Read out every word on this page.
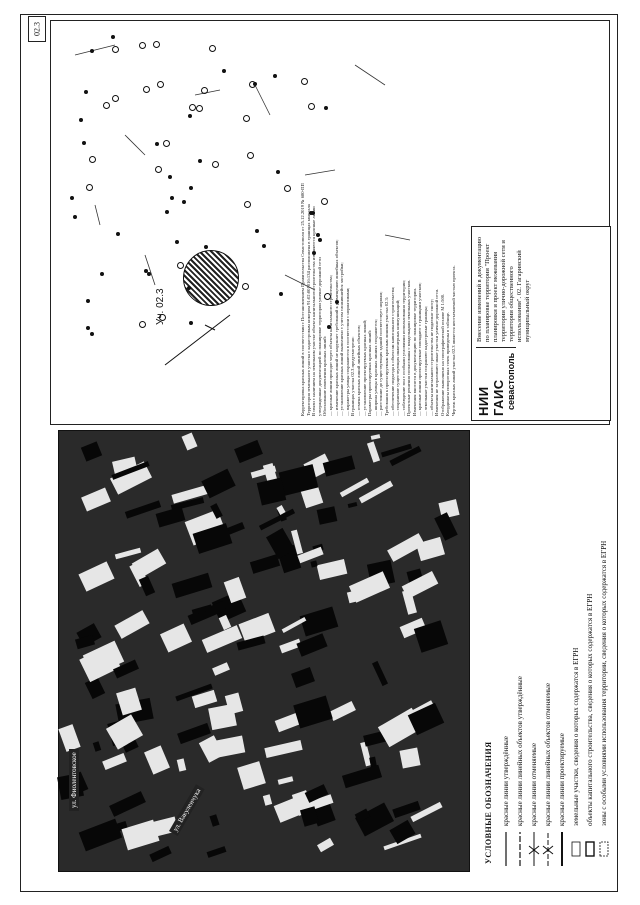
Уч. 02.3
НИИ ГАИС севастополь
Внесение изменений в документацию по планировке территории "Проект планировки и проект межевания территории улично-дорожной сети и территории общественного использования". 02. Гагаринский муниципальный округ
02.3
Корректировка красных линий в соответствии с Постановлением Правительства Севастополя от 25.12.2019 № 680-ПП Территория земельного участка с кадастровым номером 91:02:001016:134 расположена в границах квартала В связи с наличием на земельном участке объекта капитального строительства изменяются красные линии утвержденные документацией по планировке территории улично-дорожной сети Обоснование изменения красных линий: — красные линии проходят через объекты капитального строительства; — изменение красных линий не нарушает требований к размещению линейных объектов; — установление красных линий выполнено с учетом сложившейся застройки; — параметры улицы сохраняются в соответствии с нормативами; В границах участка 02.3 предусмотрено: — отмена красных линий линейных объектов; — установление проектируемых красных линий; Параметры проектируемых красных линий: — ширина улицы в красных линиях сохраняется; — расстояние до существующих зданий соответствует нормам; Требования к проектируемым красным линиям участка 02.3: — обеспечение подъезда к объектам капитального строительства; — сохранение существующих инженерных коммуникаций; — соблюдение зон с особыми условиями использования территории; Проектные решения согласованы с владельцами земельных участков. Изменения вносятся в документацию по планировке территории. — красные линии проектируемые совпадают с границами участков; — земельные участки сохраняют кадастровые границы; — объекты капитального строительства не подлежат сносу; Изменения не затрагивают иные участки улично-дорожной сети. Отображение выполнено на топографической основе М 1:500. Координаты поворотных точек приведены в таблице. Чертеж красных линий участка 02.3 является неотъемлемой частью проекта.
ул. Фиолентовское
ул. Вакуленчука	УСЛОВНЫЕ ОБОЗНАЧЕНИЯ красные линии утверждённые красные линии линейных объектов утверждённые красные линии отменяемые красные линии линейных объектов отменяемые красные линии проектируемые земельные участки, сведения о которых содержатся в ЕГРН объекты капитального строительства, сведения о которых содержатся в ЕГРН зоны с особыми условиями использования территории, сведения о которых содержатся в ЕГРН
